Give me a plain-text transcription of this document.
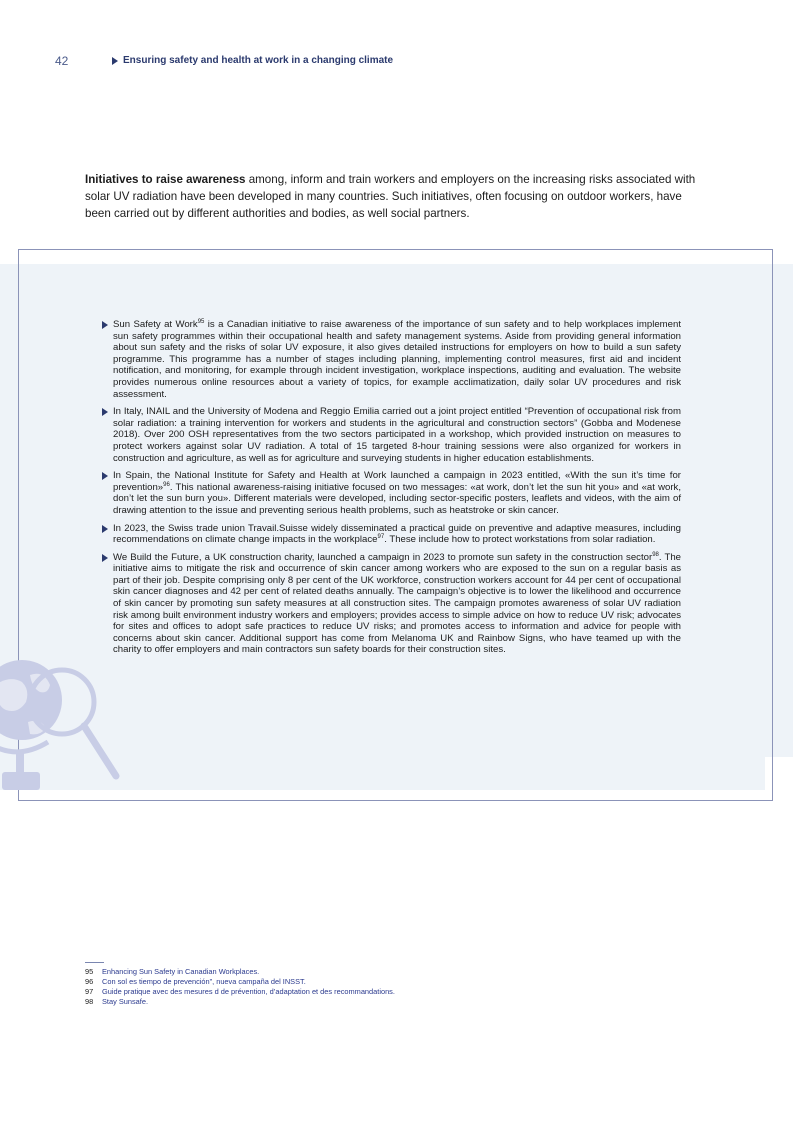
42	Ensuring safety and health at work in a changing climate

Initiatives to raise awareness among, inform and train workers and employers on the increasing risks associated with solar UV radiation have been developed in many countries. Such initiatives, often focusing on outdoor workers, have been carried out by different authorities and bodies, as well social partners.

Sun Safety at Work$^{95}$ is a Canadian initiative to raise awareness of the importance of sun safety and to help workplaces implement sun safety programmes within their occupational health and safety management systems. Aside from providing general information about sun safety and the risks of solar UV exposure, it also gives detailed instructions for employers on how to build a sun safety programme. This programme has a number of stages including planning, implementing control measures, first aid and incident notification, and monitoring, for example through incident investigation, workplace inspections, auditing and evaluation. The website provides numerous online resources about a variety of topics, for example acclimatization, daily solar UV procedures and risk assessment.
In Italy, INAIL and the University of Modena and Reggio Emilia carried out a joint project entitled “Prevention of occupational risk from solar radiation: a training intervention for workers and students in the agricultural and construction sectors” (Gobba and Modenese 2018). Over 200 OSH representatives from the two sectors participated in a workshop, which provided instruction on measures to protect workers against solar UV radiation. A total of 15 targeted 8-hour training sessions were also organized for workers in construction and agriculture, as well as for agriculture and surveying students in higher education establishments.
In Spain, the National Institute for Safety and Health at Work launched a campaign in 2023 entitled, «With the sun it’s time for prevention»$^{96}$. This national awareness-raising initiative focused on two messages: «at work, don’t let the sun hit you» and «at work, don’t let the sun burn you». Different materials were developed, including sector-specific posters, leaflets and videos, with the aim of drawing attention to the issue and preventing serious health problems, such as heatstroke or skin cancer.
In 2023, the Swiss trade union Travail.Suisse widely disseminated a practical guide on preventive and adaptive measures, including recommendations on climate change impacts in the workplace$^{97}$. These include how to protect workstations from solar radiation.
We Build the Future, a UK construction charity, launched a campaign in 2023 to promote sun safety in the construction sector$^{98}$. The initiative aims to mitigate the risk and occurrence of skin cancer among workers who are exposed to the sun on a regular basis as part of their job. Despite comprising only 8 per cent of the UK workforce, construction workers account for 44 per cent of occupational skin cancer diagnoses and 42 per cent of related deaths annually. The campaign’s objective is to lower the likelihood and occurrence of skin cancer by promoting sun safety measures at all construction sites. The campaign promotes awareness of solar UV radiation risk among built environment industry workers and employers; provides access to simple advice on how to reduce UV risk; advocates for sites and offices to adopt safe practices to reduce UV risks; and promotes access to information and advice for people with concerns about skin cancer. Additional support has come from Melanoma UK and Rainbow Signs, who have teamed up with the charity to offer employers and main contractors sun safety boards for their construction sites.
95	Enhancing Sun Safety in Canadian Workplaces.
96	Con sol es tiempo de prevención”, nueva campaña del INSST.
97	Guide pratique avec des mesures d de prévention, d’adaptation et des recommandations.
98	Stay Sunsafe.
